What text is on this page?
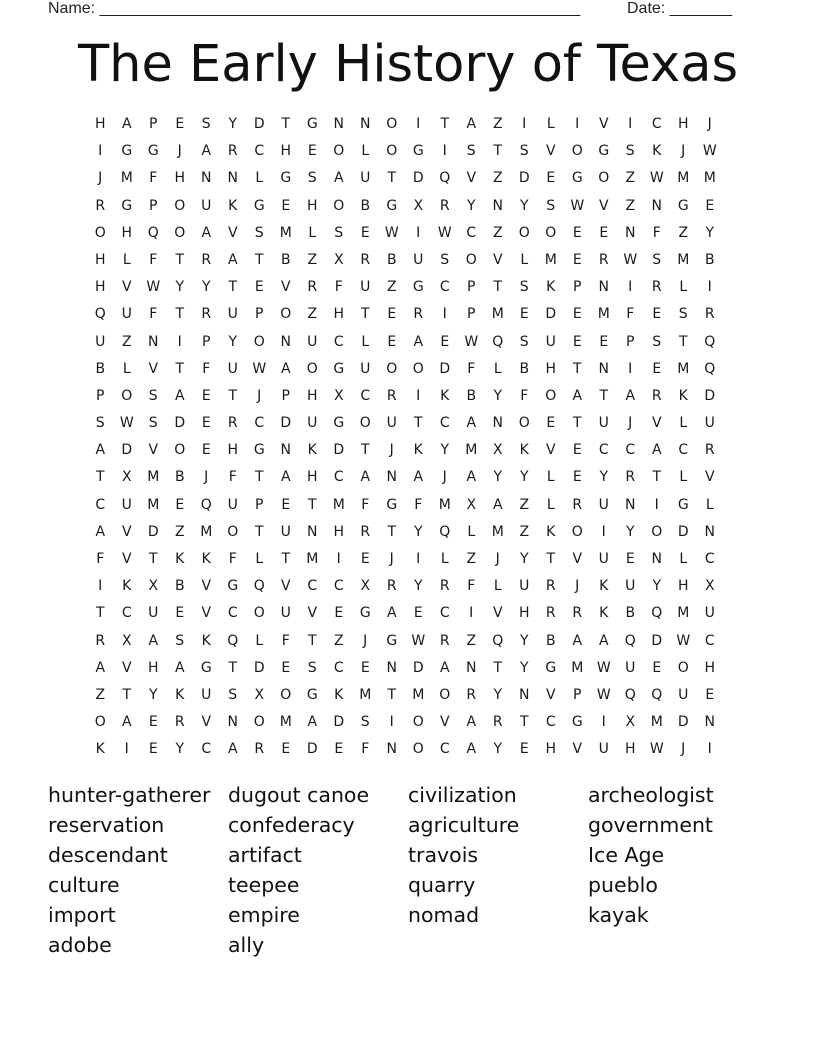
Name: ______________________________________________________	Date: _______
The Early History of Texas
H A P E S Y D T G N N O I T A Z I L I V I C H J
I G G J A R C H E O L O G I S T S V O G S K J W
J M F H N N L G S A U T D Q V Z D E G O Z W M M
R G P O U K G E H O B G X R Y N Y S W V Z N G E
O H Q O A V S M L S E W I W C Z O O E E N F Z Y
H L F T R A T B Z X R B U S O V L M E R W S M B
H V W Y Y T E V R F U Z G C P T S K P N I R L I
Q U F T R U P O Z H T E R I P M E D E M F E S R
U Z N I P Y O N U C L E A E W Q S U E E P S T Q
B L V T F U W A O G U O O D F L B H T N I E M Q
P O S A E T J P H X C R I K B Y F O A T A R K D
S W S D E R C D U G O U T C A N O E T U J V L U
A D V O E H G N K D T J K Y M X K V E C C A C R
T X M B J F T A H C A N A J A Y Y L E Y R T L V
C U M E Q U P E T M F G F M X A Z L R U N I G L
A V D Z M O T U N H R T Y Q L M Z K O I Y O D N
F V T K K F L T M I E J I L Z J Y T V U E N L C
I K X B V G Q V C C X R Y R F L U R J K U Y H X
T C U E V C O U V E G A E C I V H R R K B Q M U
R X A S K Q L F T Z J G W R Z Q Y B A A Q D W C
A V H A G T D E S C E N D A N T Y G M W U E O H
Z T Y K U S X O G K M T M O R Y N V P W Q Q U E
O A E R V N O M A D S I O V A R T C G I X M D N
K I E Y C A R E D E F N O C A Y E H V U H W J I
hunter-gatherer
reservation
descendant
culture
import
adobe
dugout canoe
confederacy
artifact
teepee
empire
ally
civilization
agriculture
travois
quarry
nomad
archeologist
government
Ice Age
pueblo
kayak
